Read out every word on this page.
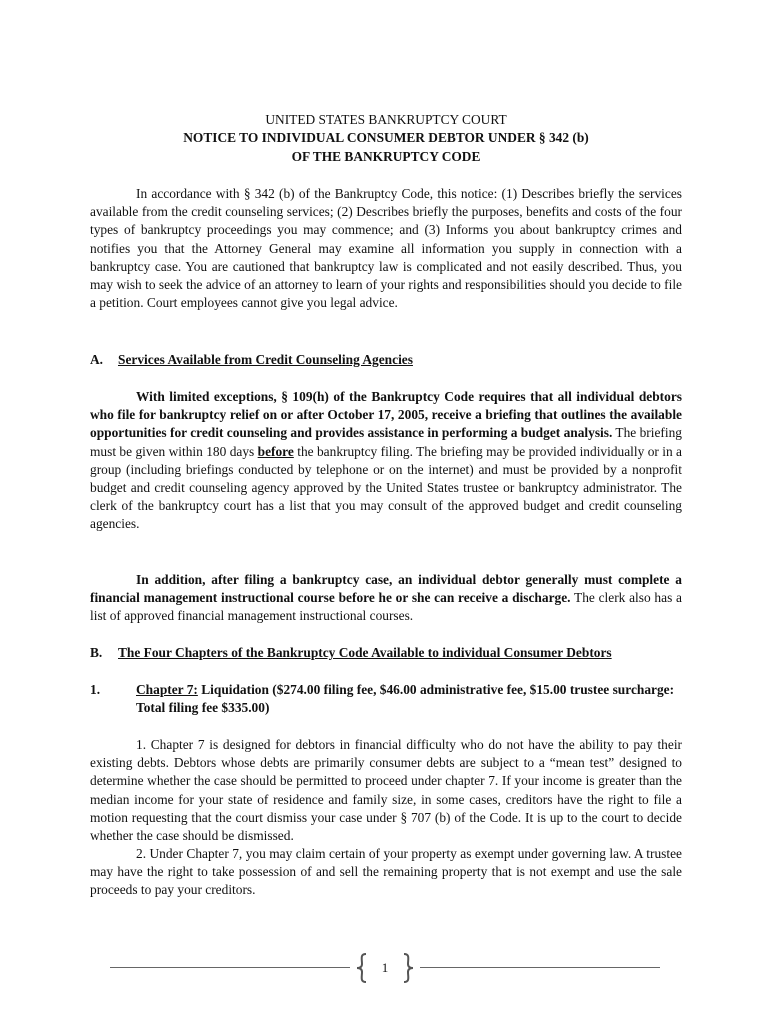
UNITED STATES BANKRUPTCY COURT
NOTICE TO INDIVIDUAL CONSUMER DEBTOR UNDER § 342 (b)
OF THE BANKRUPTCY CODE

In accordance with § 342 (b) of the Bankruptcy Code, this notice: (1) Describes briefly the services available from the credit counseling services; (2) Describes briefly the purposes, benefits and costs of the four types of bankruptcy proceedings you may commence; and (3) Informs you about bankruptcy crimes and notifies you that the Attorney General may examine all information you supply in connection with a bankruptcy case. You are cautioned that bankruptcy law is complicated and not easily described. Thus, you may wish to seek the advice of an attorney to learn of your rights and responsibilities should you decide to file a petition. Court employees cannot give you legal advice.

A. Services Available from Credit Counseling Agencies

With limited exceptions, § 109(h) of the Bankruptcy Code requires that all individual debtors who file for bankruptcy relief on or after October 17, 2005, receive a briefing that outlines the available opportunities for credit counseling and provides assistance in performing a budget analysis. The briefing must be given within 180 days before the bankruptcy filing. The briefing may be provided individually or in a group (including briefings conducted by telephone or on the internet) and must be provided by a nonprofit budget and credit counseling agency approved by the United States trustee or bankruptcy administrator. The clerk of the bankruptcy court has a list that you may consult of the approved budget and credit counseling agencies.

In addition, after filing a bankruptcy case, an individual debtor generally must complete a financial management instructional course before he or she can receive a discharge. The clerk also has a list of approved financial management instructional courses.

B. The Four Chapters of the Bankruptcy Code Available to individual Consumer Debtors
1.	Chapter 7: Liquidation ($274.00 filing fee, $46.00 administrative fee, $15.00 trustee surcharge: Total filing fee $335.00)

1. Chapter 7 is designed for debtors in financial difficulty who do not have the ability to pay their existing debts. Debtors whose debts are primarily consumer debts are subject to a “mean test” designed to determine whether the case should be permitted to proceed under chapter 7. If your income is greater than the median income for your state of residence and family size, in some cases, creditors have the right to file a motion requesting that the court dismiss your case under § 707 (b) of the Code. It is up to the court to decide whether the case should be dismissed.

2. Under Chapter 7, you may claim certain of your property as exempt under governing law. A trustee may have the right to take possession of and sell the remaining property that is not exempt and use the sale proceeds to pay your creditors.

1
